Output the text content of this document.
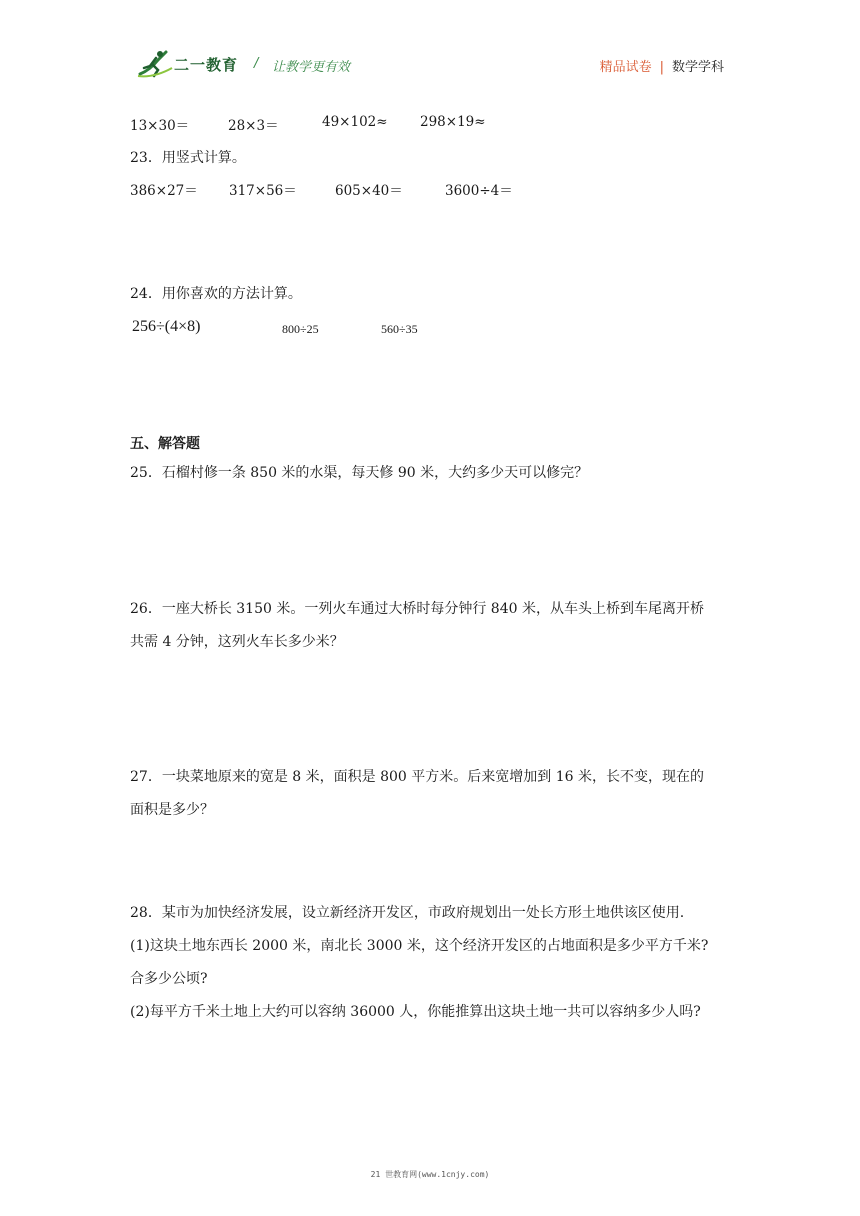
二一教育 / 让教学更有效	精品试卷 | 数学学科
13×30＝	28×3＝	49×102≈ 298×19≈
23．用竖式计算。
386×27＝ 317×56＝	605×40＝	3600÷4＝
24．用你喜欢的方法计算。
256÷(4×8)	800÷25	560÷35
五、解答题
25．石榴村修一条 850 米的水渠，每天修 90 米，大约多少天可以修完？
26．一座大桥长 3150 米。一列火车通过大桥时每分钟行 840 米，从车头上桥到车尾离开桥
共需 4 分钟，这列火车长多少米？
27．一块菜地原来的宽是 8 米，面积是 800 平方米。后来宽增加到 16 米，长不变，现在的
面积是多少？
28．某市为加快经济发展，设立新经济开发区，市政府规划出一处长方形土地供该区使用.
(1)这块土地东西长 2000 米，南北长 3000 米，这个经济开发区的占地面积是多少平方千米?
合多少公顷?
(2)每平方千米土地上大约可以容纳 36000 人，你能推算出这块土地一共可以容纳多少人吗?
21 世教育网(www.1cnjy.com)
